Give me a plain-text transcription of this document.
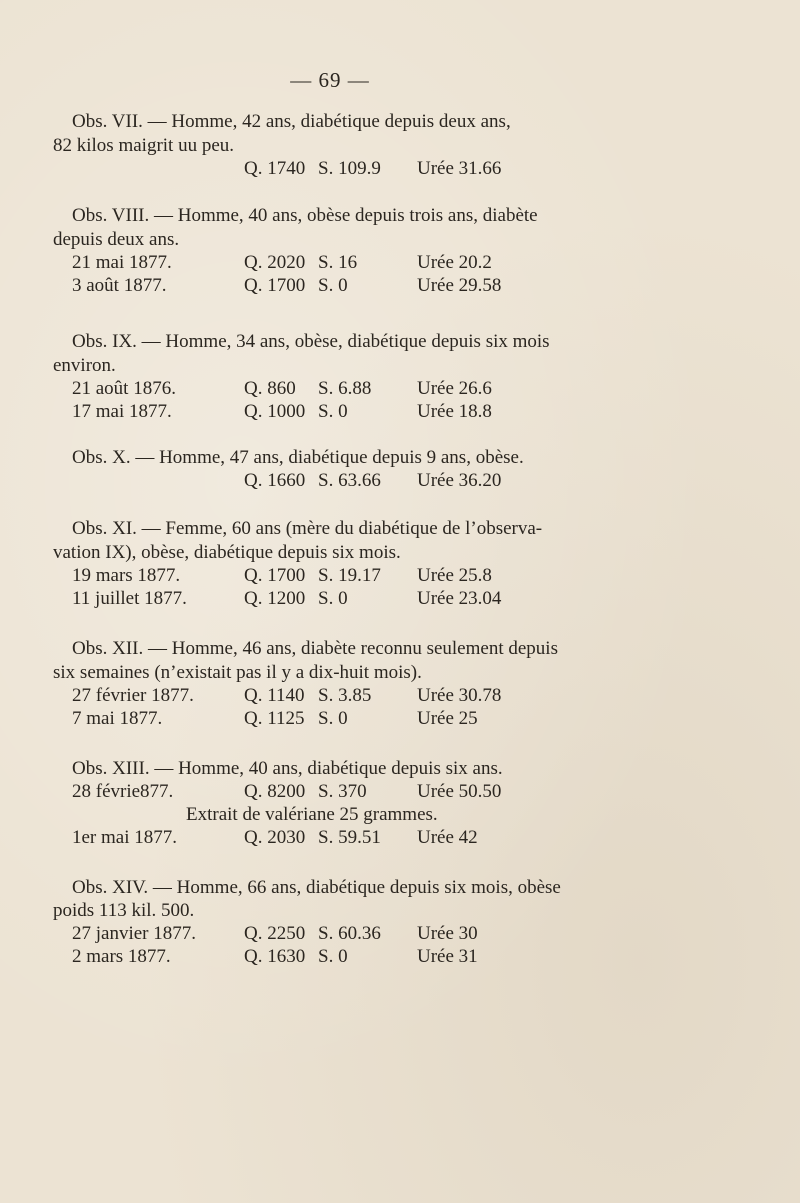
— 69 —
Obs. VII. — Homme, 42 ans, diabétique depuis deux ans,
82 kilos maigrit uu peu.
Q. 1740 S. 109.9 Urée 31.66
Obs. VIII. — Homme, 40 ans, obèse depuis trois ans, diabète
depuis deux ans.
21 mai 1877.	Q. 2020 S. 16	Urée 20.2
3 août 1877.	Q. 1700 S. 0	Urée 29.58
Obs. IX. — Homme, 34 ans, obèse, diabétique depuis six mois
environ.
21 août 1876.	Q. 860 S. 6.88 Urée 26.6
17 mai 1877.	Q. 1000 S. 0	Urée 18.8
Obs. X. — Homme, 47 ans, diabétique depuis 9 ans, obèse.
Q. 1660 S. 63.66 Urée 36.20
Obs. XI. — Femme, 60 ans (mère du diabétique de l’observa-
vation IX), obèse, diabétique depuis six mois.
19 mars 1877.	Q. 1700 S. 19.17 Urée 25.8
11 juillet 1877.	Q. 1200 S. 0	Urée 23.04
Obs. XII. — Homme, 46 ans, diabète reconnu seulement depuis
six semaines (n’existait pas il y a dix-huit mois).
27 février 1877.	Q. 1140 S. 3.85 Urée 30.78
7 mai 1877.	Q. 1125 S. 0	Urée 25
Obs. XIII. — Homme, 40 ans, diabétique depuis six ans.
28 févrie877.	Q. 8200 S. 370	Urée 50.50
Extrait de valériane 25 grammes.
1er mai 1877.	Q. 2030 S. 59.51 Urée 42
Obs. XIV. — Homme, 66 ans, diabétique depuis six mois, obèse
poids 113 kil. 500.
27 janvier 1877.	Q. 2250 S. 60.36 Urée 30
2 mars 1877.	Q. 1630 S. 0	Urée 31
